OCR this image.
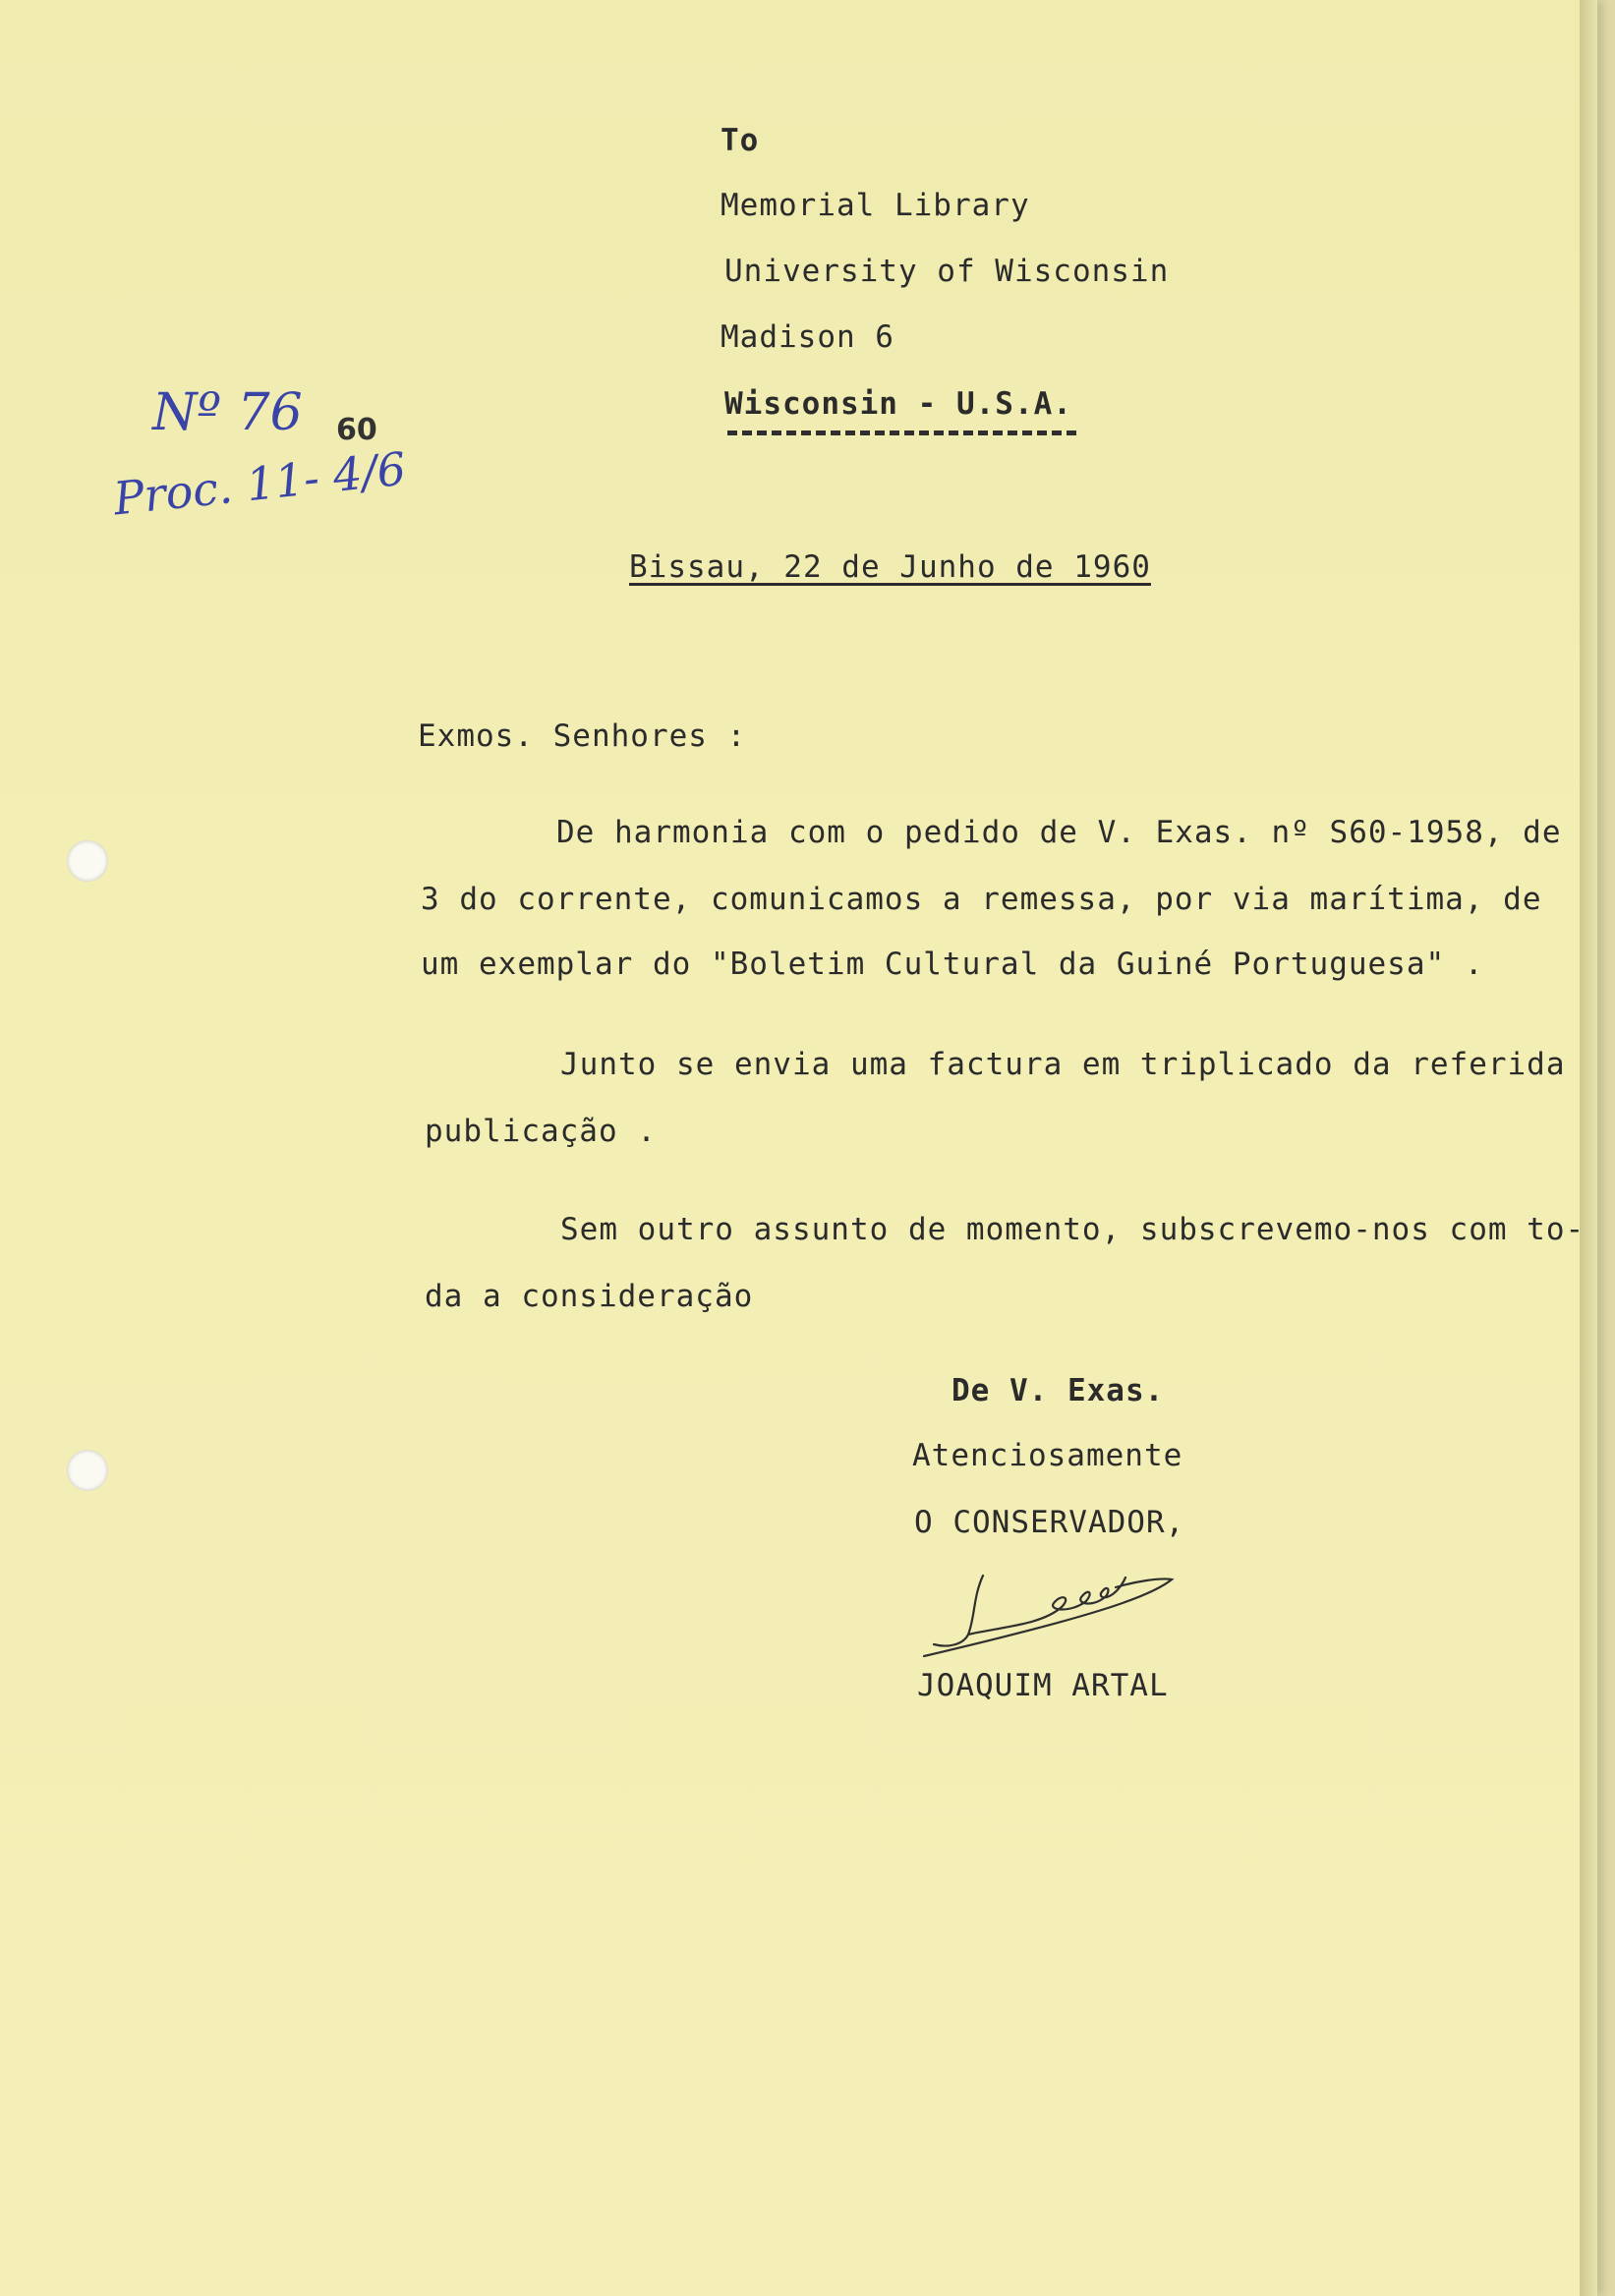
To
Memorial Library
University of Wisconsin
Madison 6
Wisconsin - U.S.A.
Nº 76 60
Proc. 11- 4/6
Bissau, 22 de Junho de 1960
Exmos. Senhores :
De harmonia com o pedido de V. Exas. nº S60-1958, de
3 do corrente, comunicamos a remessa, por via marítima, de
um exemplar do "Boletim Cultural da Guiné Portuguesa" .
Junto se envia uma factura em triplicado da referida
publicação .
Sem outro assunto de momento, subscrevemo-nos com to-
da a consideração
De V. Exas.
Atenciosamente
O CONSERVADOR,
JOAQUIM ARTAL
